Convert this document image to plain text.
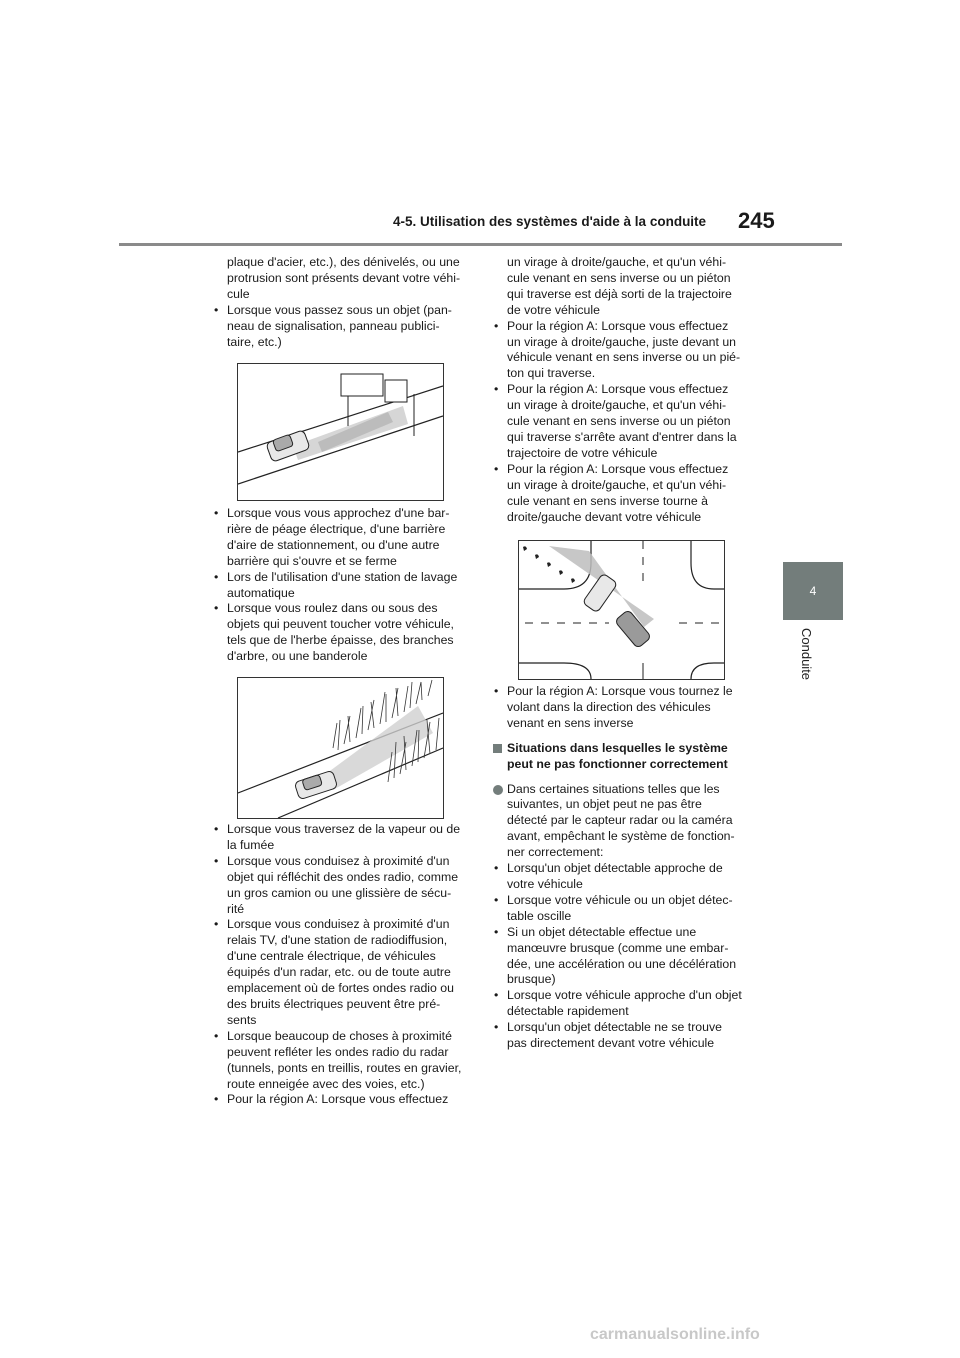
4-5. Utilisation des systèmes d'aide à la conduite 245
4
Conduite

plaque d'acier, etc.), des dénivelés, ou une

protrusion sont présents devant votre véhi-

cule

• Lorsque vous passez sous un objet (pan-

neau de signalisation, panneau publici-

taire, etc.)

• Lorsque vous vous approchez d'une bar-

rière de péage électrique, d'une barrière

d'aire de stationnement, ou d'une autre

barrière qui s'ouvre et se ferme

• Lors de l'utilisation d'une station de lavage

automatique

• Lorsque vous roulez dans ou sous des

objets qui peuvent toucher votre véhicule,

tels que de l'herbe épaisse, des branches

d'arbre, ou une banderole

• Lorsque vous traversez de la vapeur ou de

la fumée

• Lorsque vous conduisez à proximité d'un

objet qui réfléchit des ondes radio, comme

un gros camion ou une glissière de sécu-

rité

• Lorsque vous conduisez à proximité d'un

relais TV, d'une station de radiodiffusion,

d'une centrale électrique, de véhicules

équipés d'un radar, etc. ou de toute autre

emplacement où de fortes ondes radio ou

des bruits électriques peuvent être pré-

sents

• Lorsque beaucoup de choses à proximité

peuvent refléter les ondes radio du radar

(tunnels, ponts en treillis, routes en gravier,

route enneigée avec des voies, etc.)

• Pour la région A: Lorsque vous effectuez

un virage à droite/gauche, et qu'un véhi-

cule venant en sens inverse ou un piéton

qui traverse est déjà sorti de la trajectoire

de votre véhicule

• Pour la région A: Lorsque vous effectuez

un virage à droite/gauche, juste devant un

véhicule venant en sens inverse ou un pié-

ton qui traverse.

• Pour la région A: Lorsque vous effectuez

un virage à droite/gauche, et qu'un véhi-

cule venant en sens inverse ou un piéton

qui traverse s'arrête avant d'entrer dans la

trajectoire de votre véhicule

• Pour la région A: Lorsque vous effectuez

un virage à droite/gauche, et qu'un véhi-

cule venant en sens inverse tourne à

droite/gauche devant votre véhicule

• Pour la région A: Lorsque vous tournez le

volant dans la direction des véhicules

venant en sens inverse

Situations dans lesquelles le système

peut ne pas fonctionner correctement

Dans certaines situations telles que les

suivantes, un objet peut ne pas être

détecté par le capteur radar ou la caméra

avant, empêchant le système de fonction-

ner correctement:

• Lorsqu'un objet détectable approche de

votre véhicule

• Lorsque votre véhicule ou un objet détec-

table oscille

• Si un objet détectable effectue une

manœuvre brusque (comme une embar-

dée, une accélération ou une décélération

brusque)

• Lorsque votre véhicule approche d'un objet

détectable rapidement

• Lorsqu'un objet détectable ne se trouve

pas directement devant votre véhicule

carmanualsonline.info
